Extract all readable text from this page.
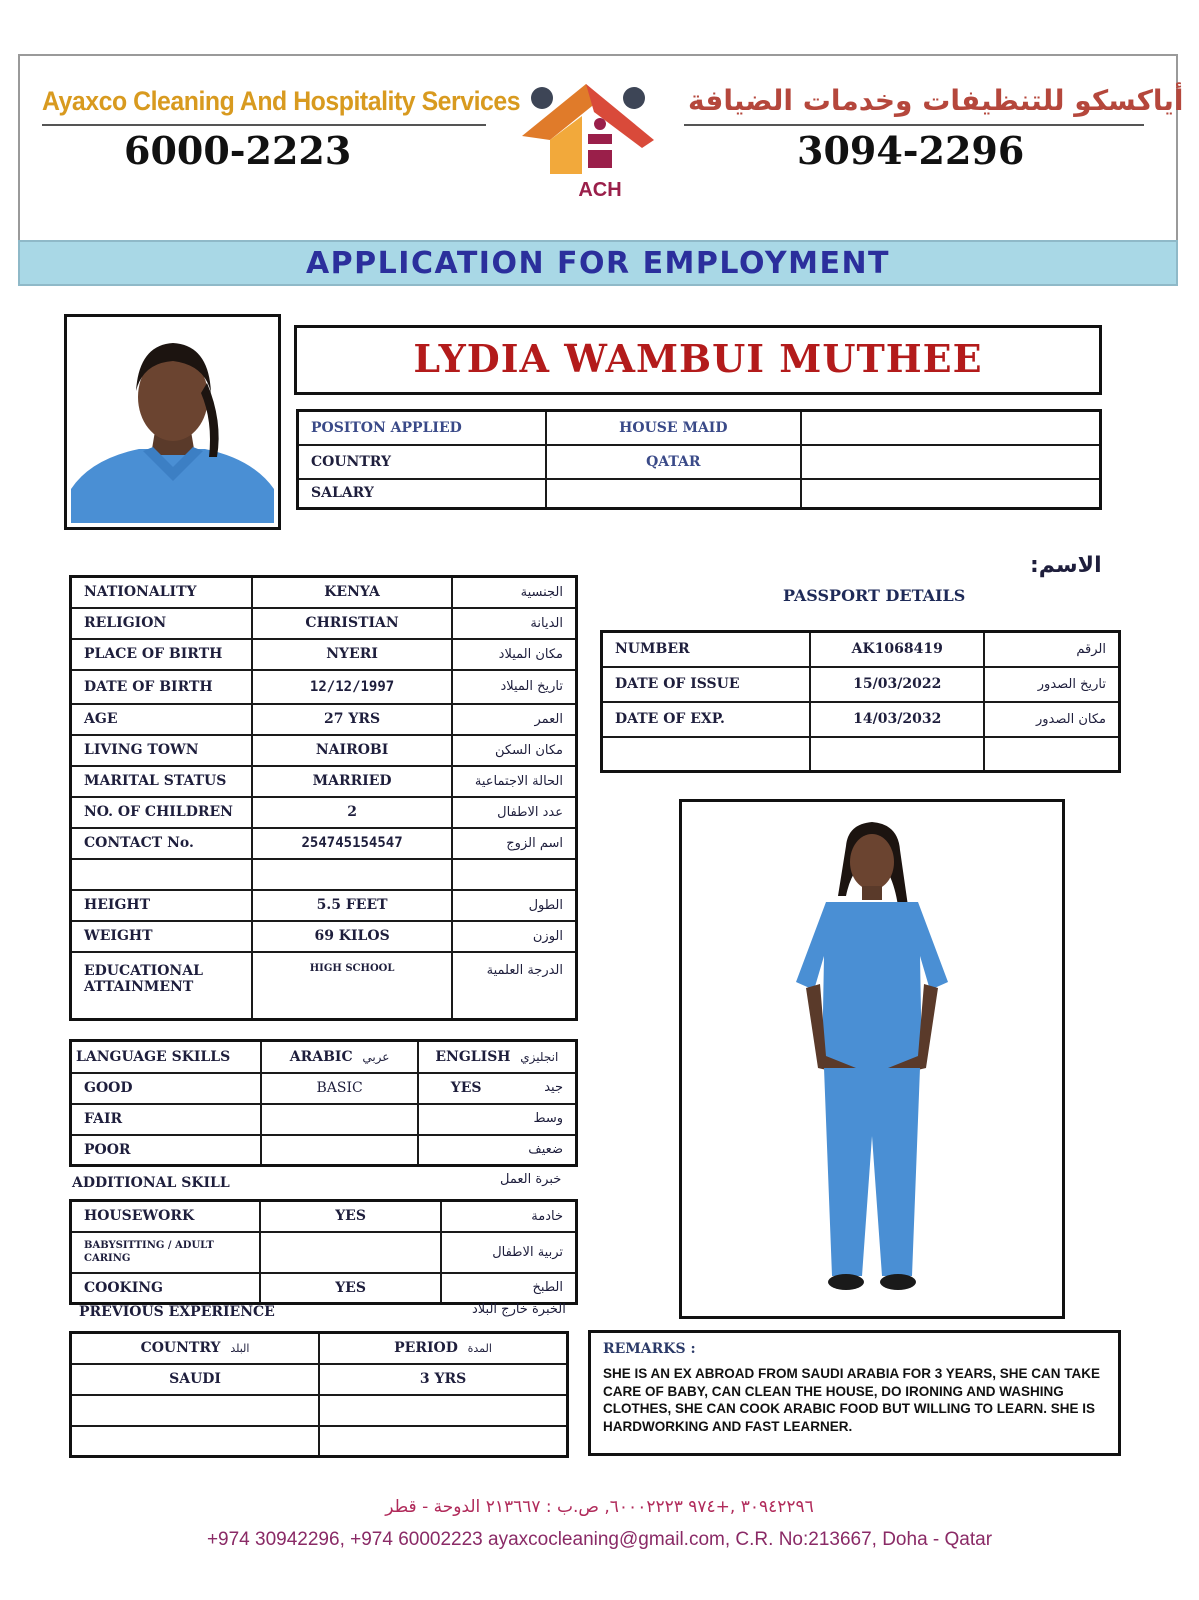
Ayaxco Cleaning And Hospitality Services
6000-2223
ACH
أياكسكو للتنظيفات وخدمات الضيافة
3094-2296
APPLICATION FOR EMPLOYMENT
LYDIA WAMBUI MUTHEE
POSITON APPLIED	HOUSE MAID	
COUNTRY	QATAR	
SALARY		
الاسم:
PASSPORT DETAILS
NATIONALITY	KENYA	الجنسية
RELIGION	CHRISTIAN	الديانة
PLACE OF BIRTH	NYERI	مكان الميلاد
DATE OF BIRTH	12/12/1997	تاريخ الميلاد
AGE	27 YRS	العمر
LIVING TOWN	NAIROBI	مكان السكن
MARITAL STATUS	MARRIED	الحالة الاجتماعية
NO. OF CHILDREN	2	عدد الاطفال
CONTACT No.	254745154547	اسم الزوج

HEIGHT	5.5 FEET	الطول
WEIGHT	69 KILOS	الوزن
EDUCATIONAL ATTAINMENT	HIGH SCHOOL	الدرجة العلمية
NUMBER	AK1068419	الرقم
DATE OF ISSUE	15/03/2022	تاريخ الصدور
DATE OF EXP.	14/03/2032	مكان الصدور

LANGUAGE SKILLS	ARABIC عربي	ENGLISH انجليزي
GOOD	BASIC	YES جيد

FAIR		وسط

POOR		ضعيف
ADDITIONAL SKILL	خبرة العمل
HOUSEWORK	YES	خادمة
BABYSITTING / ADULT CARING		تربية الاطفال
COOKING	YES	الطبخ
PREVIOUS EXPERIENCE	الخبرة خارج البلاد
COUNTRY البلد	PERIOD المدة
SAUDI	3 YRS

REMARKS :
SHE IS AN EX ABROAD FROM SAUDI ARABIA FOR 3 YEARS, SHE CAN TAKE CARE OF BABY, CAN CLEAN THE HOUSE, DO IRONING AND WASHING CLOTHES, SHE CAN COOK ARABIC FOOD BUT WILLING TO LEARN. SHE IS HARDWORKING AND FAST LEARNER.
٣٠٩٤٢٢٩٦ ,+٩٧٤ ٦٠٠٠٢٢٢٣, ص.ب : ٢١٣٦٦٧ الدوحة - قطر
+974 30942296, +974 60002223 ayaxcocleaning@gmail.com, C.R. No:213667, Doha - Qatar
